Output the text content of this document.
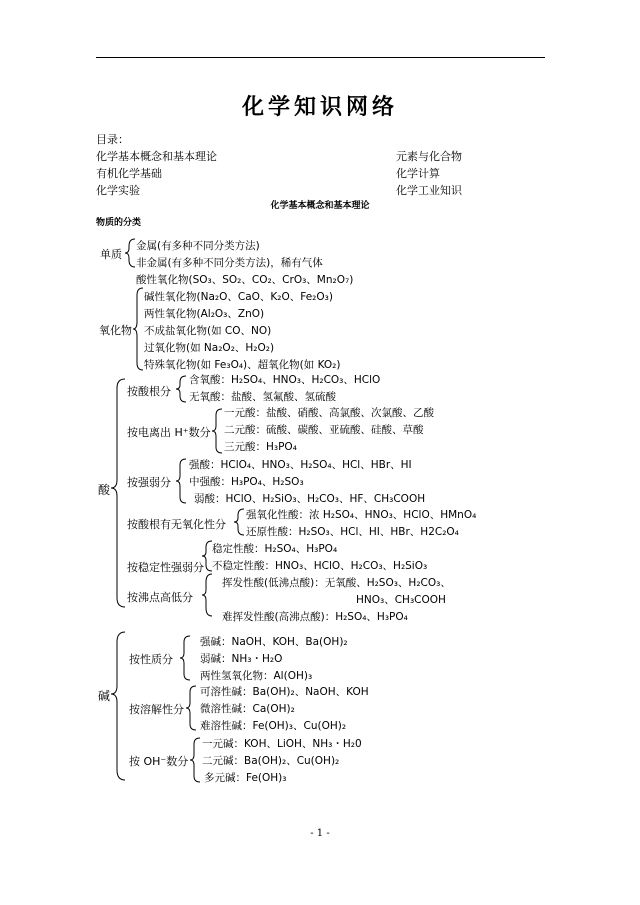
化学知识网络
目录：
化学基本概念和基本理论
有机化学基础
化学实验
元素与化合物
化学计算
化学工业知识
化学基本概念和基本理论
物质的分类
单质
金属(有多种不同分类方法)
非金属(有多种不同分类方法)，稀有气体
氧化物
酸性氧化物(SO₃、SO₂、CO₂、CrO₃、Mn₂O₇)
碱性氧化物(Na₂O、CaO、K₂O、Fe₂O₃)
两性氧化物(Al₂O₃、ZnO)
不成盐氧化物(如 CO、NO)
过氧化物(如 Na₂O₂、H₂O₂)
特殊氧化物(如 Fe₃O₄)、超氧化物(如 KO₂)
酸
按酸根分
含氧酸：H₂SO₄、HNO₃、H₂CO₃、HClO
无氧酸：盐酸、氢氟酸、氢硫酸
按电离出 H⁺数分
一元酸：盐酸、硝酸、高氯酸、次氯酸、乙酸
二元酸：硫酸、碳酸、亚硫酸、硅酸、草酸
三元酸：H₃PO₄
按强弱分
强酸：HClO₄、HNO₃、H₂SO₄、HCl、HBr、HI
中强酸：H₃PO₄、H₂SO₃
弱酸：HClO、H₂SiO₃、H₂CO₃、HF、CH₃COOH
按酸根有无氧化性分
强氧化性酸：浓 H₂SO₄、HNO₃、HClO、HMnO₄
还原性酸：H₂SO₃、HCl、HI、HBr、H2C₂O₄
按稳定性强弱分
稳定性酸：H₂SO₄、H₃PO₄
不稳定性酸：HNO₃、HClO、H₂CO₃、H₂SiO₃
按沸点高低分
挥发性酸(低沸点酸)：无氧酸、H₂SO₃、H₂CO₃、
HNO₃、CH₃COOH
难挥发性酸(高沸点酸)：H₂SO₄、H₃PO₄
碱
按性质分
强碱：NaOH、KOH、Ba(OH)₂
弱碱：NH₃・H₂O
两性氢氧化物：Al(OH)₃
按溶解性分
可溶性碱：Ba(OH)₂、NaOH、KOH
微溶性碱：Ca(OH)₂
难溶性碱：Fe(OH)₃、Cu(OH)₂
按 OH⁻数分
一元碱：KOH、LiOH、NH₃・H₂0
二元碱：Ba(OH)₂、Cu(OH)₂
多元碱：Fe(OH)₃
- 1 -
